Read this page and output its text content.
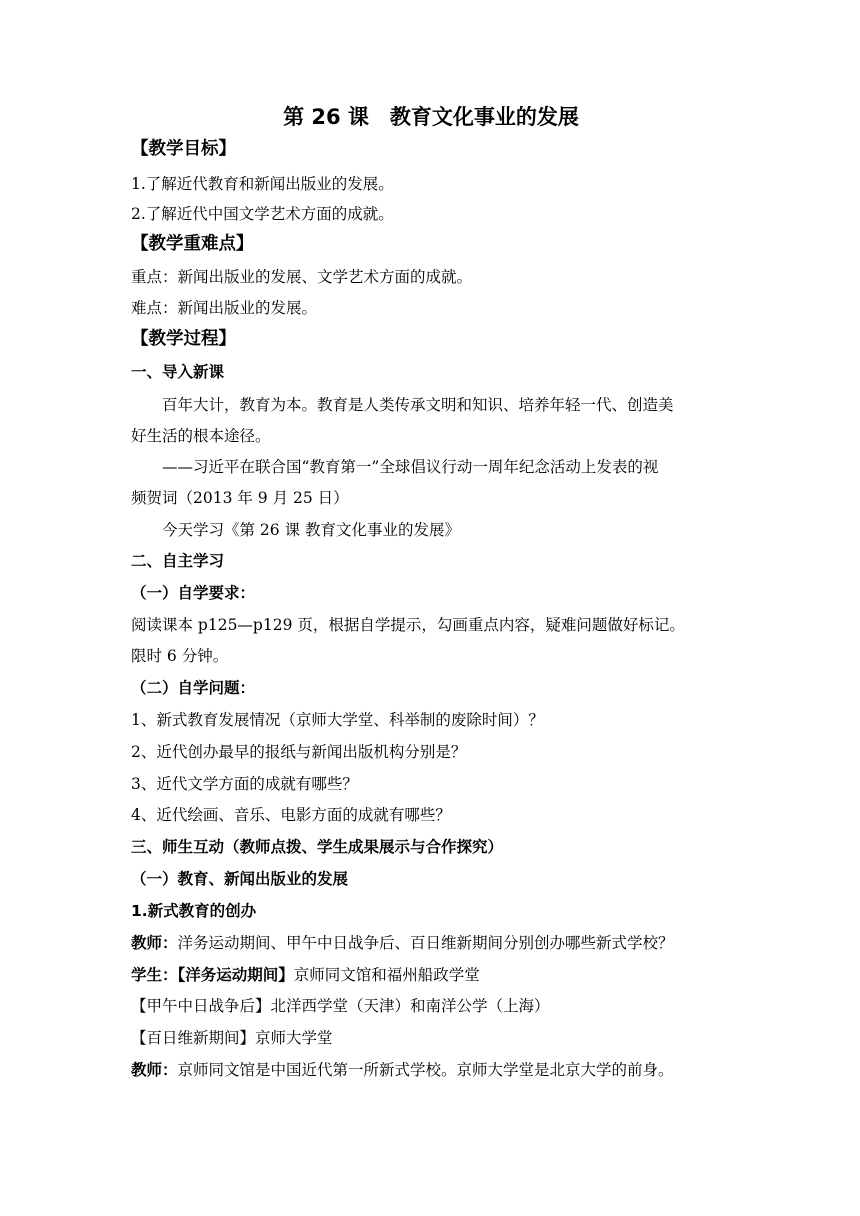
第 26 课　教育文化事业的发展
【教学目标】
1.了解近代教育和新闻出版业的发展。
2.了解近代中国文学艺术方面的成就。
【教学重难点】
重点：新闻出版业的发展、文学艺术方面的成就。
难点：新闻出版业的发展。
【教学过程】
一、导入新课
百年大计，教育为本。教育是人类传承文明和知识、培养年轻一代、创造美
好生活的根本途径。
——习近平在联合国“教育第一”全球倡议行动一周年纪念活动上发表的视
频贺词（2013 年 9 月 25 日）
今天学习《第 26 课 教育文化事业的发展》
二、自主学习
（一）自学要求：
阅读课本 p125—p129 页，根据自学提示，勾画重点内容，疑难问题做好标记。
限时 6 分钟。
（二）自学问题：
1、新式教育发展情况（京师大学堂、科举制的废除时间）？
2、近代创办最早的报纸与新闻出版机构分别是？
3、近代文学方面的成就有哪些？
4、近代绘画、音乐、电影方面的成就有哪些？
三、师生互动（教师点拨、学生成果展示与合作探究）
（一）教育、新闻出版业的发展
1.新式教育的创办
教师：洋务运动期间、甲午中日战争后、百日维新期间分别创办哪些新式学校？
学生：【洋务运动期间】京师同文馆和福州船政学堂
【甲午中日战争后】北洋西学堂（天津）和南洋公学（上海）
【百日维新期间】京师大学堂
教师：京师同文馆是中国近代第一所新式学校。京师大学堂是北京大学的前身。
